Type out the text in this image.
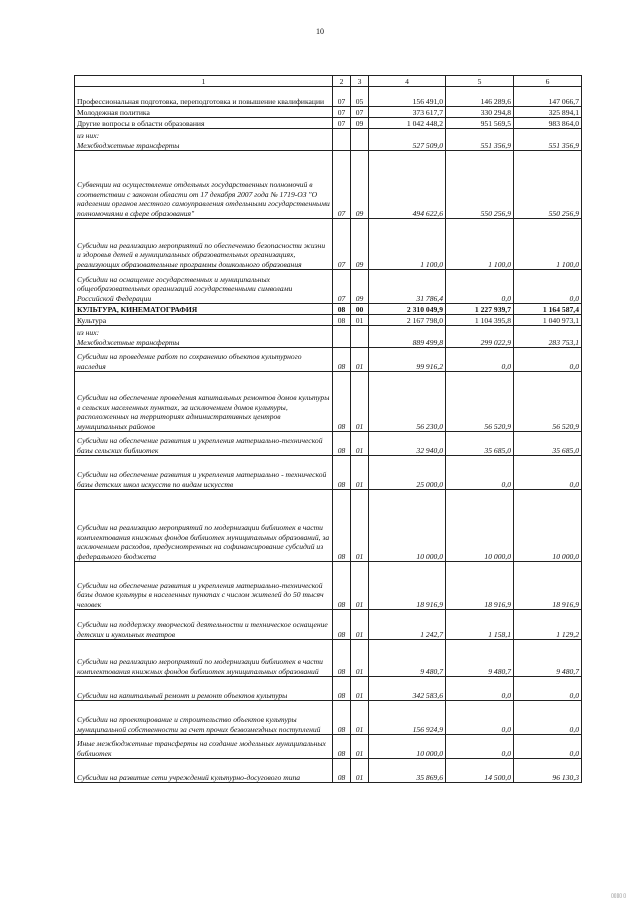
10
1	2	3	4	5	6
Профессиональная подготовка, переподготовка и повышение квалификации	07	05	156 491,0	146 289,6	147 066,7
Молодежная политика	07	07	373 617,7	330 294,8	325 894,1
Другие вопросы в области образования	07	09	1 042 448,2	951 569,5	983 864,0
из них:
Межбюджетные трансферты			527 509,0	551 356,9	551 356,9
Субвенции на осуществление отдельных государственных полномочий в соответствии с законом области от 17 декабря 2007 года № 1719-ОЗ "О наделении органов местного самоуправления отдельными государственными полномочиями в сфере образования"	07	09	494 622,6	550 256,9	550 256,9
Субсидии на реализацию мероприятий по обеспечению безопасности жизни и здоровья детей в муниципальных образовательных организациях, реализующих образовательные программы дошкольного образования	07	09	1 100,0	1 100,0	1 100,0
Субсидии на оснащение государственных и муниципальных общеобразовательных организаций государственными символами Российской Федерации	07	09	31 786,4	0,0	0,0
КУЛЬТУРА, КИНЕМАТОГРАФИЯ	08	00	2 310 049,9	1 227 939,7	1 164 587,4
Культура	08	01	2 167 798,0	1 104 395,8	1 040 973,1
из них:
Межбюджетные трансферты			889 499,8	299 022,9	283 753,1
Субсидии на проведение работ по сохранению объектов культурного наследия	08	01	99 916,2	0,0	0,0
Субсидии на обеспечение проведения капитальных ремонтов домов культуры в сельских населенных пунктах, за исключением домов культуры, расположенных на территориях административных центров муниципальных районов	08	01	56 230,0	56 520,9	56 520,9
Субсидии на обеспечение развития и укрепления материально-технической базы сельских библиотек	08	01	32 940,0	35 685,0	35 685,0
Субсидии на обеспечение развития и укрепления материально - технической базы детских школ искусств по видам искусств	08	01	25 000,0	0,0	0,0
Субсидии на реализацию мероприятий по модернизации библиотек в части комплектования книжных фондов библиотек муниципальных образований, за исключением расходов, предусмотренных на софинансирование субсидий из федерального бюджета	08	01	10 000,0	10 000,0	10 000,0
Субсидии на обеспечение развития и укрепления материально-технической базы домов культуры в населенных пунктах с числом жителей до 50 тысяч человек	08	01	18 916,9	18 916,9	18 916,9
Субсидии на поддержку творческой деятельности и техническое оснащение детских и кукольных театров	08	01	1 242,7	1 158,1	1 129,2
Субсидии на реализацию мероприятий по модернизации библиотек в части комплектования книжных фондов библиотек муниципальных образований	08	01	9 480,7	9 480,7	9 480,7
Субсидии на капитальный ремонт и ремонт объектов культуры	08	01	342 583,6	0,0	0,0
Субсидии на проектирование и строительство объектов культуры муниципальной собственности за счет прочих безвозмездных поступлений	08	01	156 924,9	0,0	0,0
Иные межбюджетные трансферты на создание модельных муниципальных библиотек	08	01	10 000,0	0,0	0,0
Субсидии на развитие сети учреждений культурно-досугового типа	08	01	35 869,6	14 500,0	96 130,3
▯▯▯▯ ▯
